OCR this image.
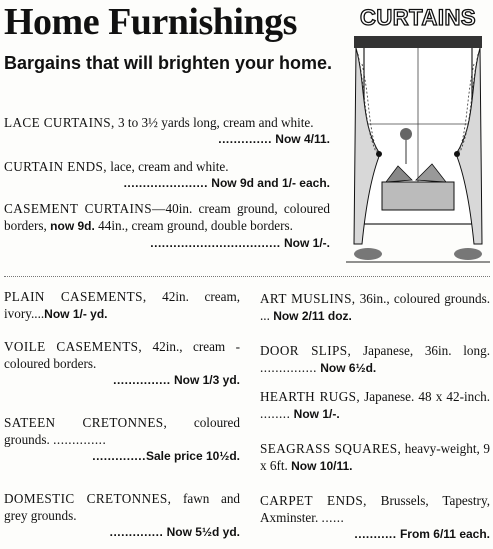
Home Furnishings
Bargains that will brighten your home.
LACE CURTAINS, 3 to 3½ yards long, cream and white.
.............. Now 4/11.
CURTAIN ENDS, lace, cream and white.
...................... Now 9d and 1/- each.
CASEMENT CURTAINS—40in. cream ground, coloured borders, now 9d. 44in., cream ground, double borders.
.................................. Now 1/-.
PLAIN CASEMENTS, 42in. cream, ivory....Now 1/- yd.
VOILE CASEMENTS, 42in., cream - coloured borders.
............... Now 1/3 yd.
SATEEN CRETONNES, coloured grounds. ..............
..............Sale price 10½d.
DOMESTIC CRETONNES, fawn and grey grounds.
.............. Now 5½d yd.
ART MUSLINS, 36in., coloured grounds. ... Now 2/11 doz.
DOOR SLIPS, Japanese, 36in. long. ............... Now 6½d.
HEARTH RUGS, Japanese. 48 x 42-inch. ........ Now 1/-.
SEAGRASS SQUARES, heavy-weight, 9 x 6ft. Now 10/11.
CARPET ENDS, Brussels, Tapestry, Axminster. ......
........... From 6/11 each.
CURTAINS
